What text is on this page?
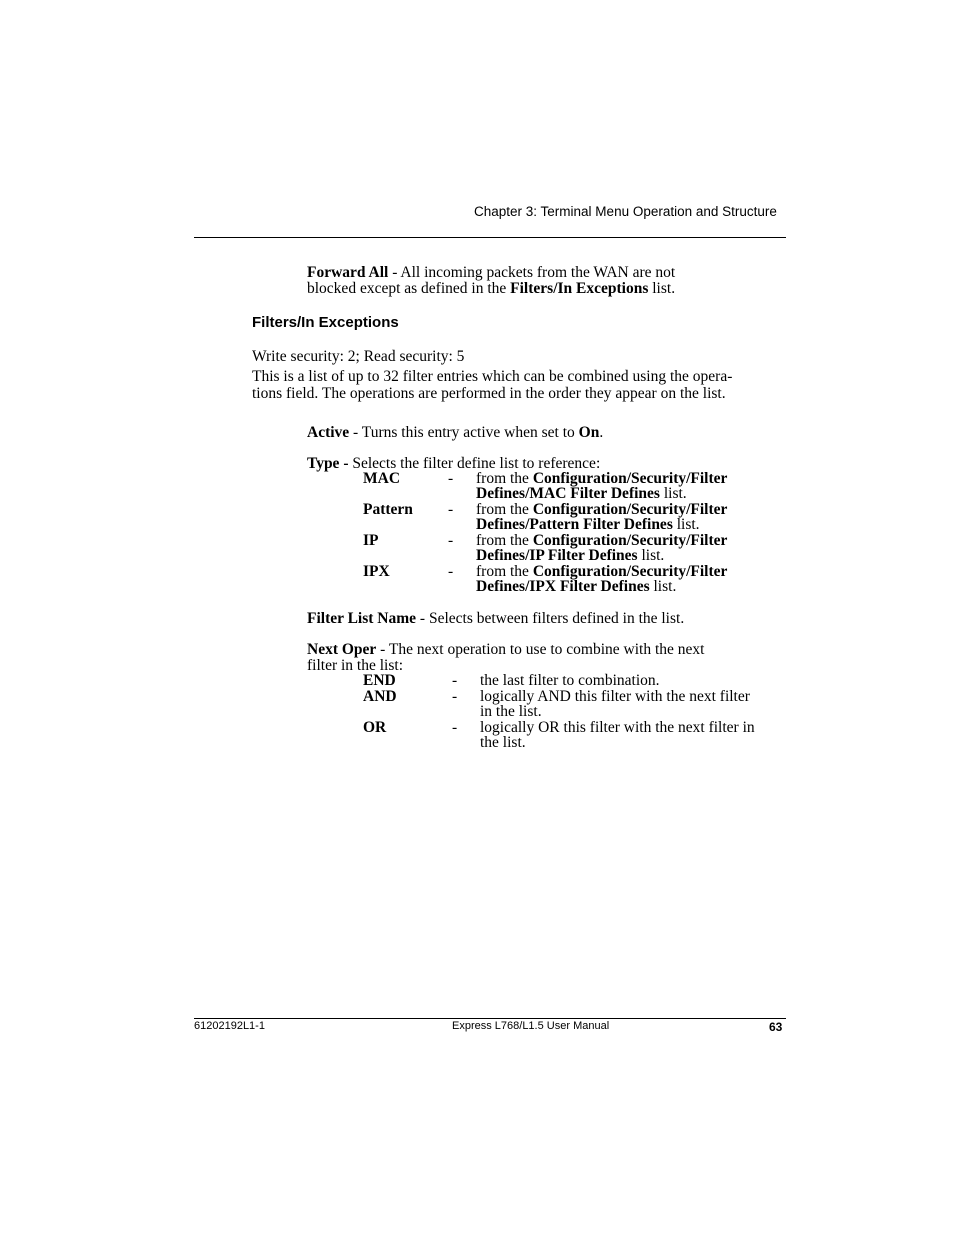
Chapter 3: Terminal Menu Operation and Structure
Forward All - All incoming packets from the WAN are not
blocked except as defined in the Filters/In Exceptions list.
Filters/In Exceptions
Write security: 2; Read security: 5
This is a list of up to 32 filter entries which can be combined using the opera-
tions field. The operations are performed in the order they appear on the list.
Active - Turns this entry active when set to On.
Type - Selects the filter define list to reference:
MAC	-	from the Configuration/Security/Filter
Defines/MAC Filter Defines list.
Pattern	-	from the Configuration/Security/Filter
Defines/Pattern Filter Defines list.
IP	-	from the Configuration/Security/Filter
Defines/IP Filter Defines list.
IPX	-	from the Configuration/Security/Filter
Defines/IPX Filter Defines list.
Filter List Name - Selects between filters defined in the list.
Next Oper - The next operation to use to combine with the next
filter in the list:
END	-	the last filter to combination.
AND	-	logically AND this filter with the next filter
in the list.
OR	-	logically OR this filter with the next filter in
the list.
61202192L1-1	Express L768/L1.5 User Manual	63
